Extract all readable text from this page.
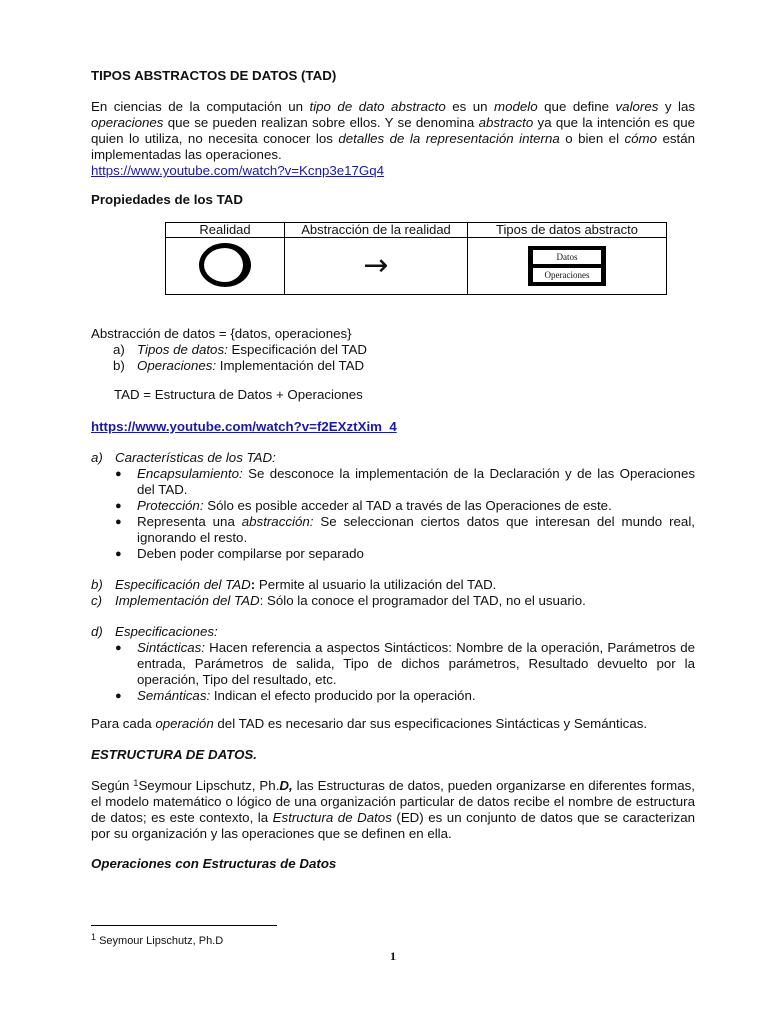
TIPOS ABSTRACTOS DE DATOS (TAD)

En ciencias de la computación un tipo de dato abstracto es un modelo que define valores y las operaciones que se pueden realizan sobre ellos. Y se denomina abstracto ya que la intención es que quien lo utiliza, no necesita conocer los detalles de la representación interna o bien el cómo están implementadas las operaciones.
https://www.youtube.com/watch?v=Kcnp3e17Gq4

Propiedades de los TAD

Realidad	Abstracción de la realidad	Tipos de datos abstracto
	→	Datos
Operaciones
Abstracción de datos = {datos, operaciones}
a) Tipos de datos: Especificación del TAD
b) Operaciones: Implementación del TAD
TAD = Estructura de Datos + Operaciones

https://www.youtube.com/watch?v=f2EXztXim_4

a) Características de los TAD:
● Encapsulamiento: Se desconoce la implementación de la Declaración y de las Operaciones del TAD.
● Protección: Sólo es posible acceder al TAD a través de las Operaciones de este.
● Representa una abstracción: Se seleccionan ciertos datos que interesan del mundo real, ignorando el resto.
● Deben poder compilarse por separado
b) Especificación del TAD: Permite al usuario la utilización del TAD.
c) Implementación del TAD: Sólo la conoce el programador del TAD, no el usuario.
d) Especificaciones:
● Sintácticas: Hacen referencia a aspectos Sintácticos: Nombre de la operación, Parámetros de entrada, Parámetros de salida, Tipo de dichos parámetros, Resultado devuelto por la operación, Tipo del resultado, etc.
● Semánticas: Indican el efecto producido por la operación.

Para cada operación del TAD es necesario dar sus especificaciones Sintácticas y Semánticas.

ESTRUCTURA DE DATOS.

Según $^1$Seymour Lipschutz, Ph.D, las Estructuras de datos, pueden organizarse en diferentes formas, el modelo matemático o lógico de una organización particular de datos recibe el nombre de estructura de datos; es este contexto, la Estructura de Datos (ED) es un conjunto de datos que se caracterizan por su organización y las operaciones que se definen en ella.

Operaciones con Estructuras de Datos

$^1$ Seymour Lipschutz, Ph.D

1
